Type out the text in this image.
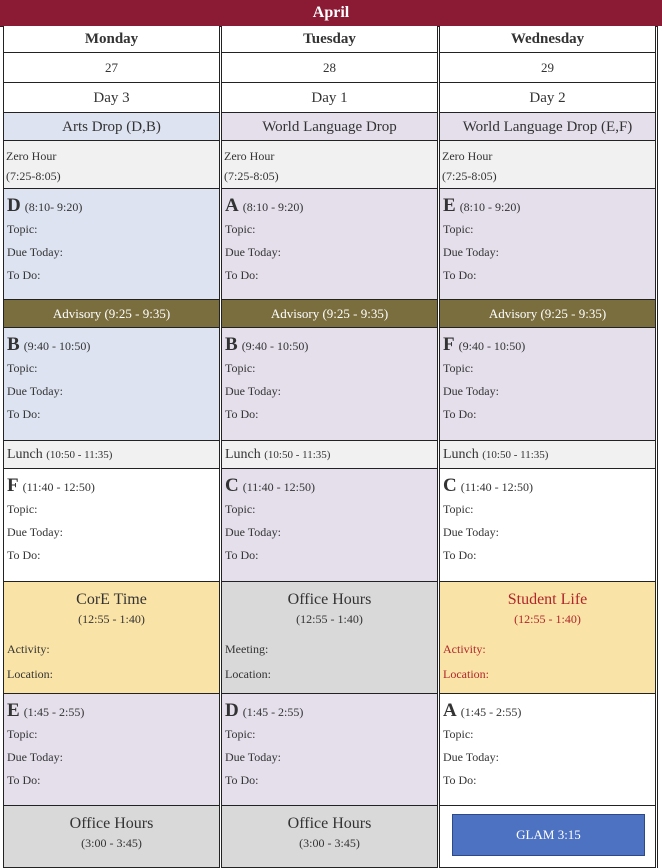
April
Monday
27
Day 3
Arts Drop (D,B)
Zero Hour
(7:25-8:05)
D (8:10- 9:20)
Topic:
Due Today:
To Do:
Advisory (9:25 - 9:35)
B (9:40 - 10:50)
Topic:
Due Today:
To Do:
Lunch (10:50 - 11:35)
F (11:40 - 12:50)
Topic:
Due Today:
To Do:
CorE Time
(12:55 - 1:40)
Activity:
Location:
E (1:45 - 2:55)
Topic:
Due Today:
To Do:
Office Hours
(3:00 - 3:45)
Tuesday
28
Day 1
World Language Drop
Zero Hour
(7:25-8:05)
A (8:10 - 9:20)
Topic:
Due Today:
To Do:
Advisory (9:25 - 9:35)
B (9:40 - 10:50)
Topic:
Due Today:
To Do:
Lunch (10:50 - 11:35)
C (11:40 - 12:50)
Topic:
Due Today:
To Do:
Office Hours
(12:55 - 1:40)
Meeting:
Location:
D (1:45 - 2:55)
Topic:
Due Today:
To Do:
Office Hours
(3:00 - 3:45)
Wednesday
29
Day 2
World Language Drop (E,F)
Zero Hour
(7:25-8:05)
E (8:10 - 9:20)
Topic:
Due Today:
To Do:
Advisory (9:25 - 9:35)
F (9:40 - 10:50)
Topic:
Due Today:
To Do:
Lunch (10:50 - 11:35)
C (11:40 - 12:50)
Topic:
Due Today:
To Do:
Student Life
(12:55 - 1:40)
Activity:
Location:
A (1:45 - 2:55)
Topic:
Due Today:
To Do:
GLAM 3:15
